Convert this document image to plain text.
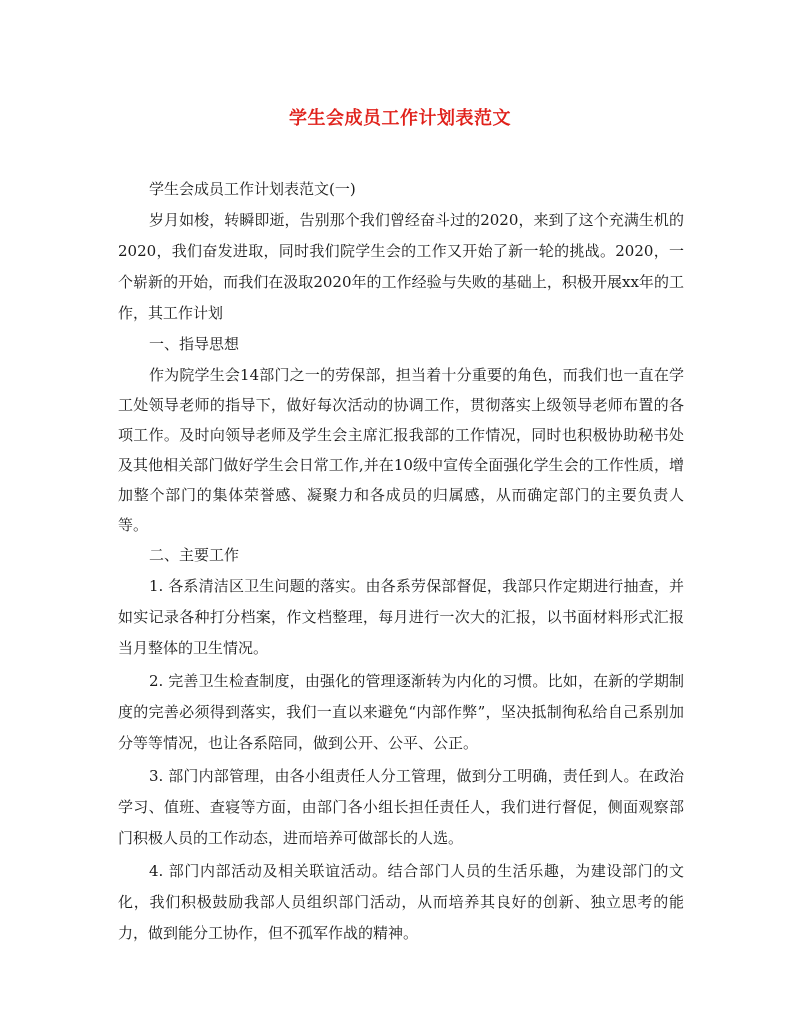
学生会成员工作计划表范文

学生会成员工作计划表范文(一)

岁月如梭，转瞬即逝，告别那个我们曾经奋斗过的2020，来到了这个充满生机的2020，我们奋发进取，同时我们院学生会的工作又开始了新一轮的挑战。2020，一个崭新的开始，而我们在汲取2020年的工作经验与失败的基础上，积极开展xx年的工作，其工作计划

一、指导思想

作为院学生会14部门之一的劳保部，担当着十分重要的角色，而我们也一直在学工处领导老师的指导下，做好每次活动的协调工作，贯彻落实上级领导老师布置的各项工作。及时向领导老师及学生会主席汇报我部的工作情况，同时也积极协助秘书处及其他相关部门做好学生会日常工作,并在10级中宣传全面强化学生会的工作性质，增加整个部门的集体荣誉感、凝聚力和各成员的归属感，从而确定部门的主要负责人等。

二、主要工作

1. 各系清洁区卫生问题的落实。由各系劳保部督促，我部只作定期进行抽查，并如实记录各种打分档案，作文档整理，每月进行一次大的汇报，以书面材料形式汇报当月整体的卫生情况。

2. 完善卫生检查制度，由强化的管理逐渐转为内化的习惯。比如，在新的学期制度的完善必须得到落实，我们一直以来避免“内部作弊”，坚决抵制徇私给自己系别加分等等情况，也让各系陪同，做到公开、公平、公正。

3. 部门内部管理，由各小组责任人分工管理，做到分工明确，责任到人。在政治学习、值班、查寝等方面，由部门各小组长担任责任人，我们进行督促，侧面观察部门积极人员的工作动态，进而培养可做部长的人选。

4. 部门内部活动及相关联谊活动。结合部门人员的生活乐趣，为建设部门的文化，我们积极鼓励我部人员组织部门活动，从而培养其良好的创新、独立思考的能力，做到能分工协作，但不孤军作战的精神。
